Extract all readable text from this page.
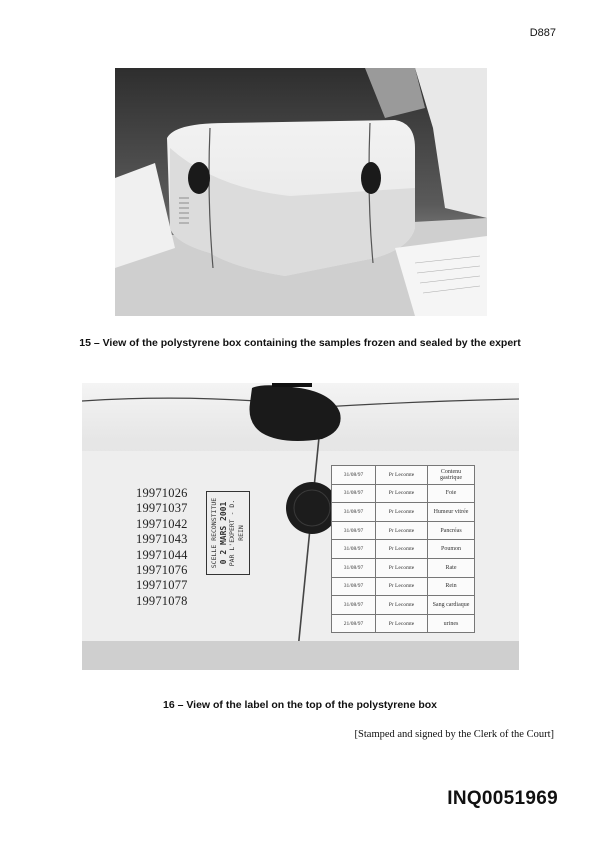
D887
15 – View of the polystyrene box containing the samples frozen and sealed by the expert
19971026
19971037
19971042
19971043
19971044
19971076
19971077
19971078
SCELLE RECONSTITUE 0 2 MARS 2001 PAR L'EXPERT - D. REIN
31/08/97	Pr Lecomte	Contenu gastrique
31/08/97	Pr Lecomte	Foie
31/08/97	Pr Lecomte	Humeur vitrée
31/08/97	Pr Lecomte	Pancréas
31/08/97	Pr Lecomte	Poumon
31/08/97	Pr Lecomte	Rate
31/08/97	Pr Lecomte	Rein
31/08/97	Pr Lecomte	Sang cardiaque
21/08/97	Pr Lecomte	urines
16 – View of the label on the top of the polystyrene box
[Stamped and signed by the Clerk of the Court]
INQ0051969
